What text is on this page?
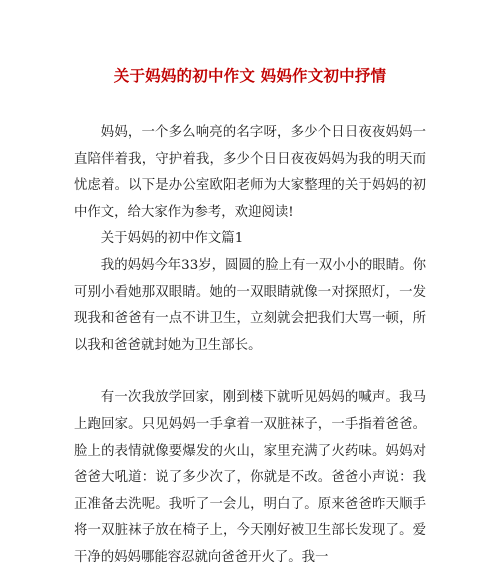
关于妈妈的初中作文 妈妈作文初中抒情

妈妈，一个多么响亮的名字呀，多少个日日夜夜妈妈一直陪伴着我，守护着我，多少个日日夜夜妈妈为我的明天而忧虑着。以下是办公室欧阳老师为大家整理的关于妈妈的初中作文，给大家作为参考，欢迎阅读!

关于妈妈的初中作文篇1

我的妈妈今年33岁，圆圆的脸上有一双小小的眼睛。你可别小看她那双眼睛。她的一双眼睛就像一对探照灯，一发现我和爸爸有一点不讲卫生，立刻就会把我们大骂一顿，所以我和爸爸就封她为卫生部长。

有一次我放学回家，刚到楼下就听见妈妈的喊声。我马上跑回家。只见妈妈一手拿着一双脏袜子，一手指着爸爸。脸上的表情就像要爆发的火山，家里充满了火药味。妈妈对爸爸大吼道：说了多少次了，你就是不改。爸爸小声说：我正准备去洗呢。我听了一会儿，明白了。原来爸爸昨天顺手将一双脏袜子放在椅子上，今天刚好被卫生部长发现了。爱干净的妈妈哪能容忍就向爸爸开火了。我一
